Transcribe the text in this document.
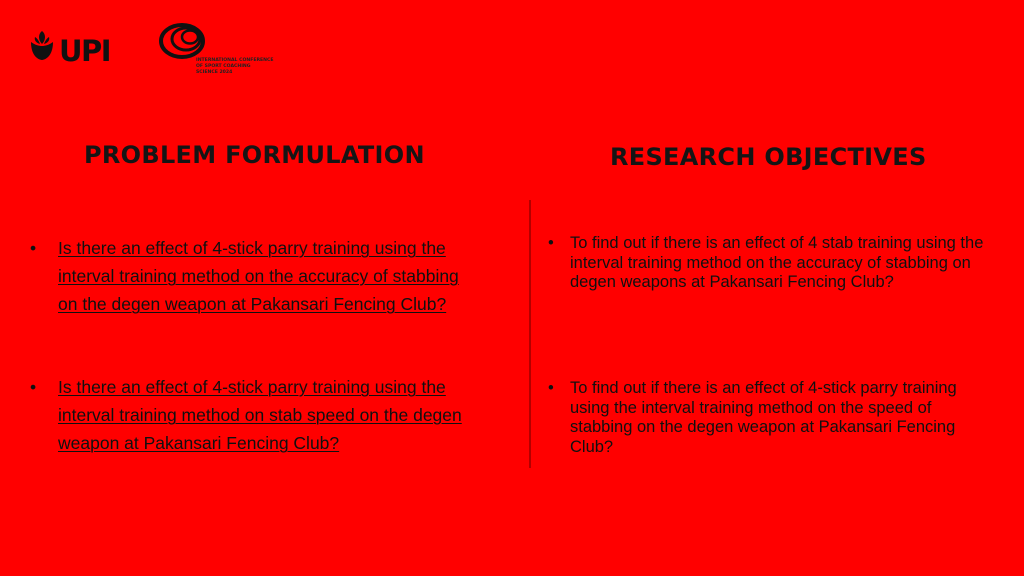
UPI	INTERNATIONAL CONFERENCE
OF SPORT COACHING
SCIENCE 2024
PROBLEM FORMULATION	RESEARCH OBJECTIVES
• Is there an effect of 4-stick parry training using the interval training method on the accuracy of stabbing on the degen weapon at Pakansari Fencing Club?
• Is there an effect of 4-stick parry training using the interval training method on stab speed on the degen weapon at Pakansari Fencing Club?
• To find out if there is an effect of 4 stab training using the interval training method on the accuracy of stabbing on degen weapons at Pakansari Fencing Club?
• To find out if there is an effect of 4-stick parry training using the interval training method on the speed of stabbing on the degen weapon at Pakansari Fencing Club?
